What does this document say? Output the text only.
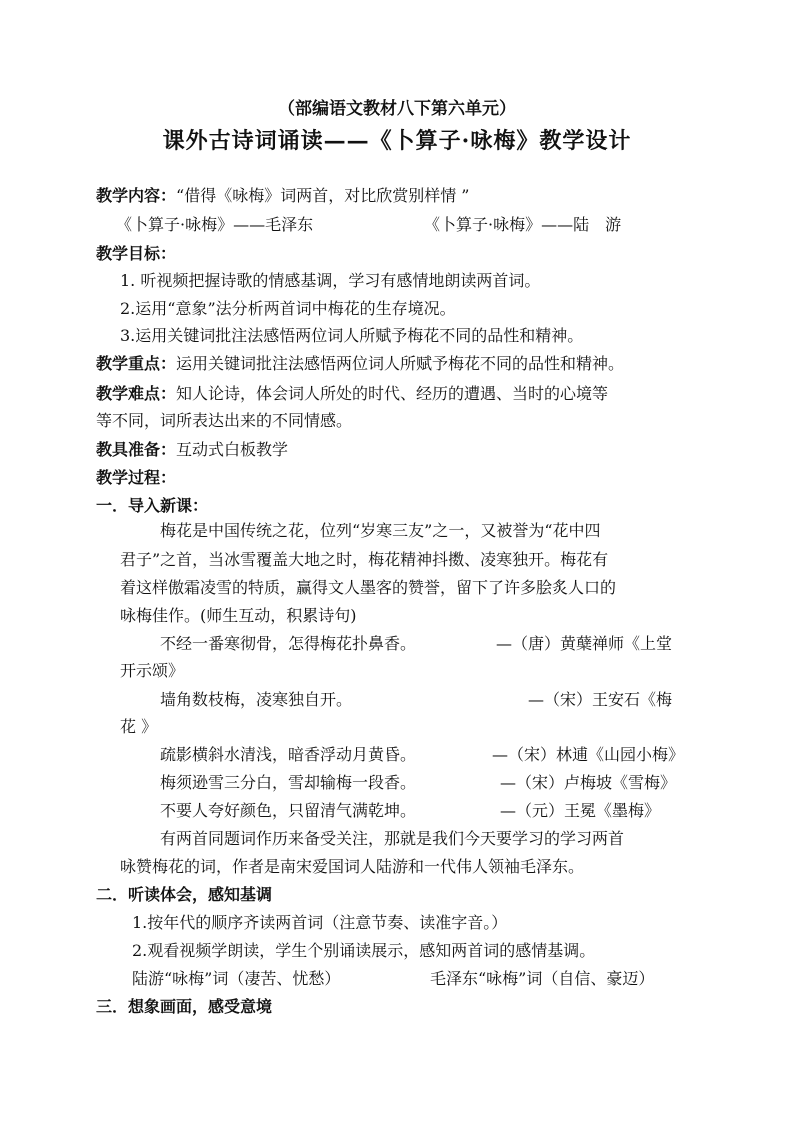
（部编语文教材八下第六单元）
课外古诗词诵读——《卜算子·咏梅》教学设计
教学内容：“借得《咏梅》词两首，对比欣赏别样情 ”
《卜算子·咏梅》——毛泽东	《卜算子·咏梅》——陆　游
教学目标：
1. 听视频把握诗歌的情感基调，学习有感情地朗读两首词。
2.运用“意象”法分析两首词中梅花的生存境况。
3.运用关键词批注法感悟两位词人所赋予梅花不同的品性和精神。
教学重点：运用关键词批注法感悟两位词人所赋予梅花不同的品性和精神。
教学难点：知人论诗，体会词人所处的时代、经历的遭遇、当时的心境等
等不同，词所表达出来的不同情感。
教具准备：互动式白板教学
教学过程：
一．导入新课：
梅花是中国传统之花，位列“岁寒三友”之一，又被誉为“花中四
君子”之首，当冰雪覆盖大地之时，梅花精神抖擞、凌寒独开。梅花有
着这样傲霜凌雪的特质，赢得文人墨客的赞誉，留下了许多脍炙人口的
咏梅佳作。(师生互动，积累诗句)
不经一番寒彻骨，怎得梅花扑鼻香。	—（唐）黄蘖禅师《上堂
开示颂》
墙角数枝梅，凌寒独自开。	—（宋）王安石《梅
花 》
疏影横斜水清浅，暗香浮动月黄昏。	—（宋）林逋《山园小梅》
梅须逊雪三分白，雪却输梅一段香。	—（宋）卢梅坡《雪梅》
不要人夸好颜色，只留清气满乾坤。	—（元）王冕《墨梅》
有两首同题词作历来备受关注，那就是我们今天要学习的学习两首
咏赞梅花的词，作者是南宋爱国词人陆游和一代伟人领袖毛泽东。
二．听读体会，感知基调
1.按年代的顺序齐读两首词（注意节奏、读准字音。）
2.观看视频学朗读，学生个别诵读展示，感知两首词的感情基调。
陆游“咏梅”词（凄苦、忧愁）	毛泽东“咏梅”词（自信、豪迈）
三．想象画面，感受意境
